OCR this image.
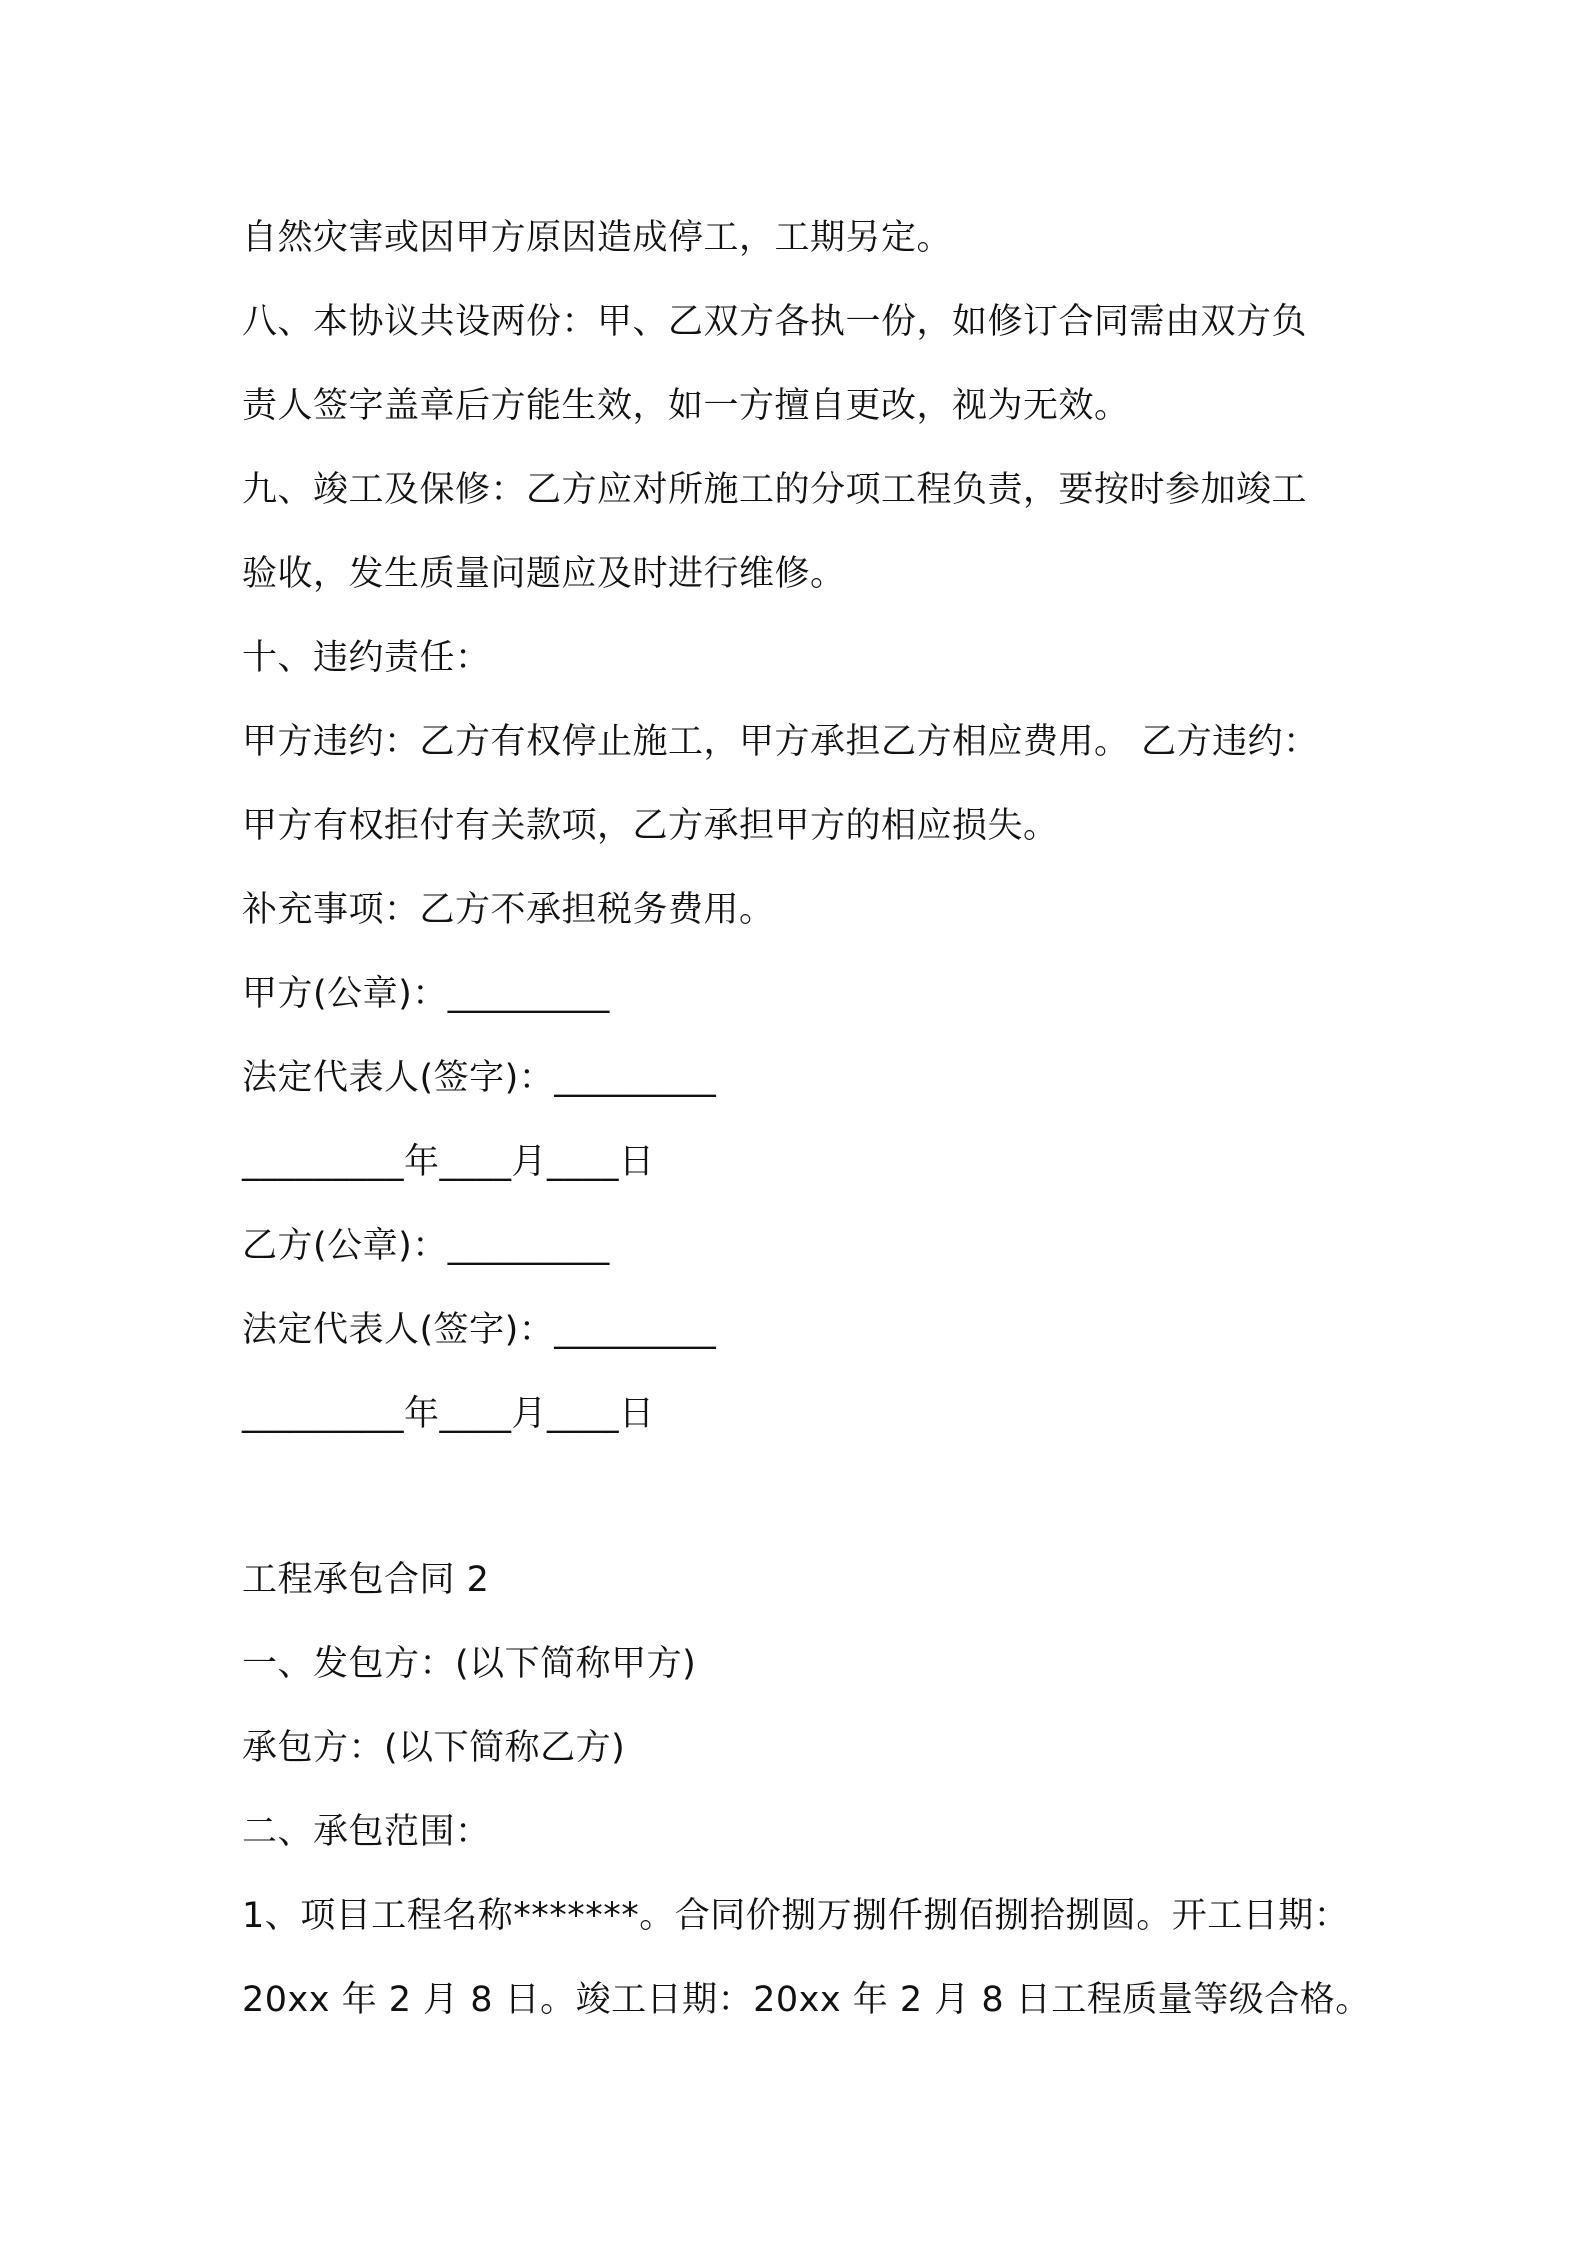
自然灾害或因甲方原因造成停工，工期另定。
八、本协议共设两份：甲、乙双方各执一份，如修订合同需由双方负
责人签字盖章后方能生效，如一方擅自更改，视为无效。
九、竣工及保修：乙方应对所施工的分项工程负责，要按时参加竣工
验收，发生质量问题应及时进行维修。
十、违约责任：
甲方违约：乙方有权停止施工，甲方承担乙方相应费用。 乙方违约：
甲方有权拒付有关款项，乙方承担甲方的相应损失。
补充事项：乙方不承担税务费用。
甲方(公章)：_________
法定代表人(签字)：_________
_________年____月____日
乙方(公章)：_________
法定代表人(签字)：_________
_________年____月____日
工程承包合同 2
一、发包方：(以下简称甲方)
承包方：(以下简称乙方)
二、承包范围：
1、项目工程名称*******。合同价捌万捌仟捌佰捌拾捌圆。开工日期：
20xx 年 2 月 8 日。竣工日期：20xx 年 2 月 8 日工程质量等级合格。
